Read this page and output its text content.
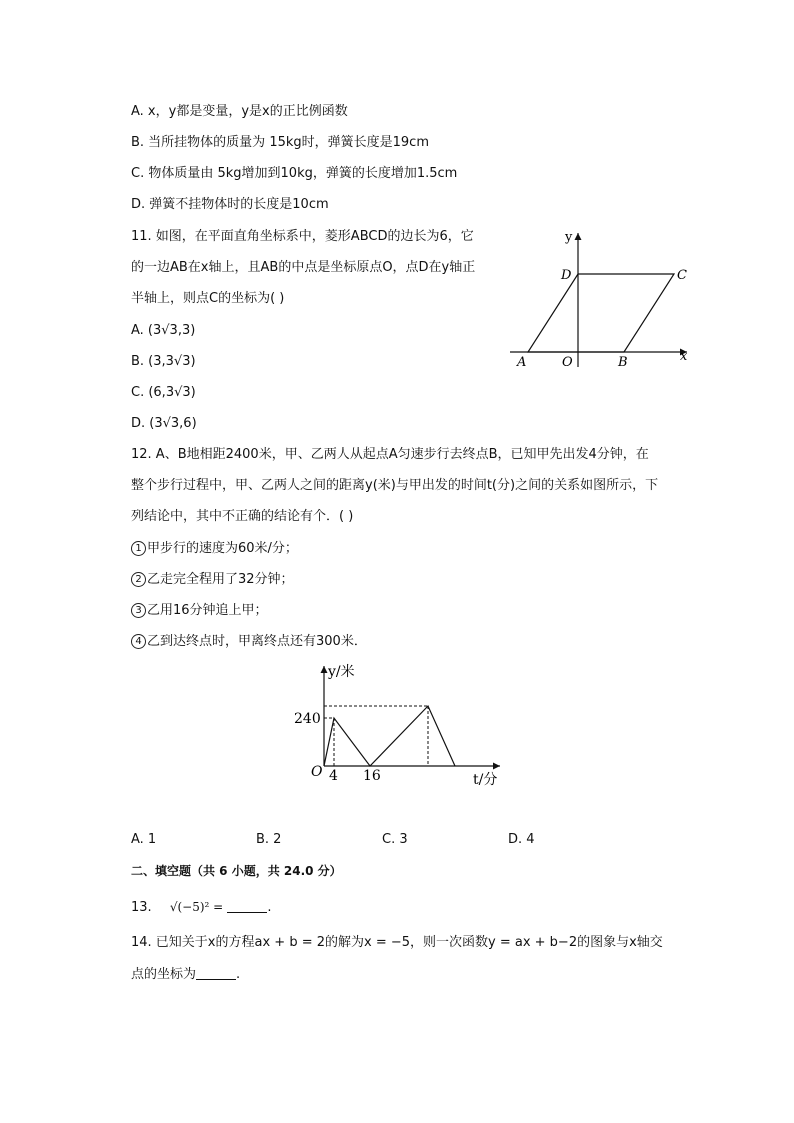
A. x，y都是变量，y是x的正比例函数
B. 当所挂物体的质量为 15kg时，弹簧长度是19cm
C. 物体质量由 5kg增加到10kg，弹簧的长度增加1.5cm
D. 弹簧不挂物体时的长度是10cm
11. 如图，在平面直角坐标系中，菱形ABCD的边长为6，它
的一边AB在x轴上，且AB的中点是坐标原点O，点D在y轴正
半轴上，则点C的坐标为( )
A. (3√3,3)
B. (3,3√3)
C. (6,3√3)
D. (3√3,6)
y
x
D	C
A	O	B
12. A、B地相距2400米，甲、乙两人从起点A匀速步行去终点B，已知甲先出发4分钟，在
整个步行过程中，甲、乙两人之间的距离y(米)与甲出发的时间t(分)之间的关系如图所示，下
列结论中，其中不正确的结论有个．( )
1 甲步行的速度为60米/分；
2 乙走完全程用了32分钟；
3 乙用16分钟追上甲；
4 乙到达终点时，甲离终点还有300米．
y/米
t/分
O
240
4 16
A. 1	B. 2	C. 3	D. 4
二、填空题（共 6 小题，共 24.0 分）
13. √(−5)² =	.
14. 已知关于x的方程ax + b = 2的解为x = −5，则一次函数y = ax + b−2的图象与x轴交
点的坐标为	.
